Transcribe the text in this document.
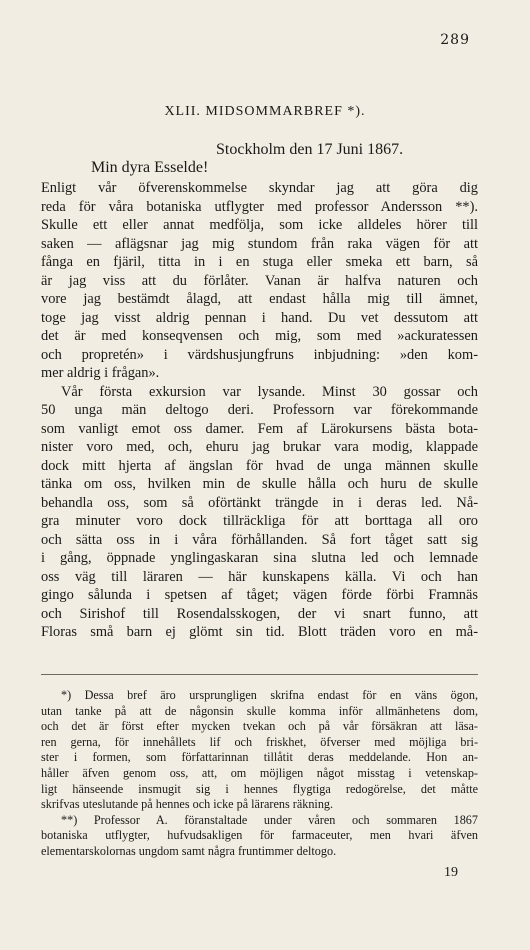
289
XLII. MIDSOMMARBREF *).
Stockholm den 17 Juni 1867.
Min dyra Esselde!
Enligt vår öfverenskommelse skyndar jag att göra dig
reda för våra botaniska utflygter med professor Andersson **).
Skulle ett eller annat medfölja, som icke alldeles hörer till
saken — aflägsnar jag mig stundom från raka vägen för att
fånga en fjäril, titta in i en stuga eller smeka ett barn, så
är jag viss att du förlåter. Vanan är halfva naturen och
vore jag bestämdt ålagd, att endast hålla mig till ämnet,
toge jag visst aldrig pennan i hand. Du vet dessutom att
det är med konseqvensen och mig, som med »ackuratessen
och propretén» i värdshusjungfruns inbjudning: »den kom-
mer aldrig i frågan».
Vår första exkursion var lysande. Minst 30 gossar och
50 unga män deltogo deri. Professorn var förekommande
som vanligt emot oss damer. Fem af Lärokursens bästa bota-
nister voro med, och, ehuru jag brukar vara modig, klappade
dock mitt hjerta af ängslan för hvad de unga männen skulle
tänka om oss, hvilken min de skulle hålla och huru de skulle
behandla oss, som så oförtänkt trängde in i deras led. Nå-
gra minuter voro dock tillräckliga för att borttaga all oro
och sätta oss in i våra förhållanden. Så fort tåget satt sig
i gång, öppnade ynglingaskaran sina slutna led och lemnade
oss väg till läraren — här kunskapens källa. Vi och han
gingo sålunda i spetsen af tåget; vägen förde förbi Framnäs
och Sirishof till Rosendalsskogen, der vi snart funno, att
Floras små barn ej glömt sin tid. Blott träden voro en må-
*) Dessa bref äro ursprungligen skrifna endast för en väns ögon,
utan tanke på att de någonsin skulle komma inför allmänhetens dom,
och det är först efter mycken tvekan och på vår försäkran att läsa-
ren gerna, för innehållets lif och friskhet, öfverser med möjliga bri-
ster i formen, som författarinnan tillåtit deras meddelande. Hon an-
håller äfven genom oss, att, om möjligen något misstag i vetenskap-
ligt hänseende insmugit sig i hennes flygtiga redogörelse, det måtte
skrifvas uteslutande på hennes och icke på lärarens räkning.
**) Professor A. föranstaltade under våren och sommaren 1867
botaniska utflygter, hufvudsakligen för farmaceuter, men hvari äfven
elementarskolornas ungdom samt några fruntimmer deltogo.
19
